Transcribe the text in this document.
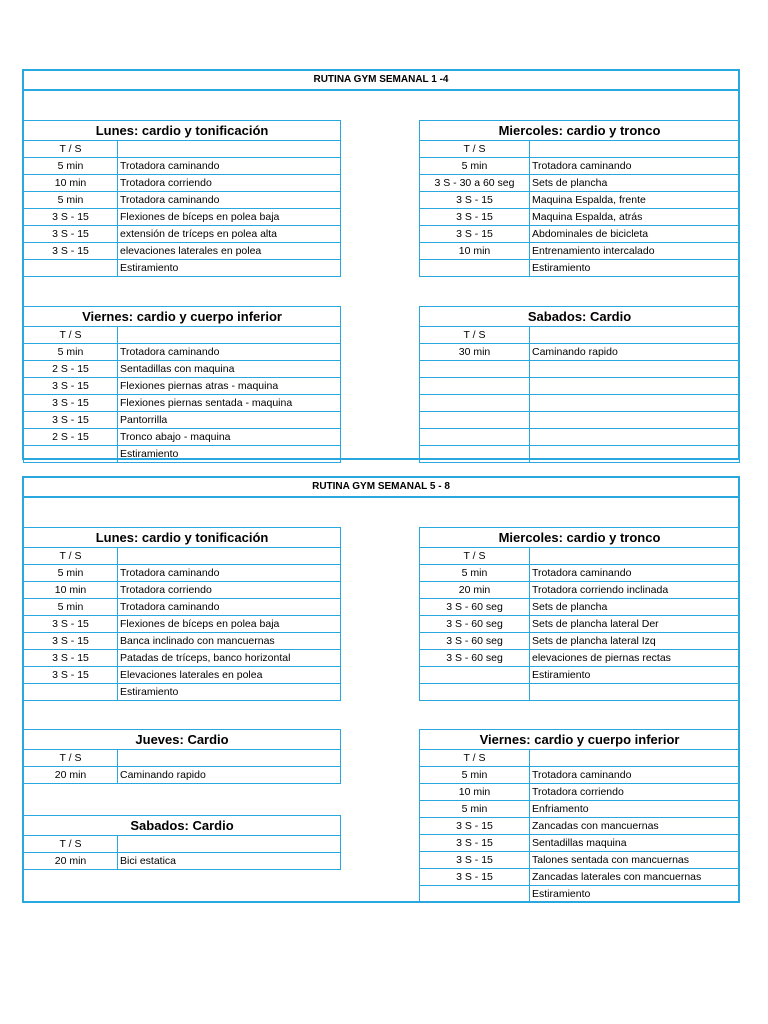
RUTINA GYM SEMANAL 1 -4
Lunes: cardio y tonificación	
T / S	
5 min	Trotadora caminando
10 min	Trotadora corriendo
5 min	Trotadora caminando
3 S - 15	Flexiones de bíceps en polea baja
3 S - 15	extensión de tríceps en polea alta
3 S - 15	elevaciones laterales en polea
	Estiramiento
Miercoles: cardio y tronco	
T / S	
5 min	Trotadora caminando
3 S - 30 a 60 seg	Sets de plancha
3 S - 15	Maquina Espalda, frente
3 S - 15	Maquina Espalda, atrás
3 S - 15	Abdominales de bicicleta
10 min	Entrenamiento intercalado
	Estiramiento
Viernes: cardio y cuerpo inferior	
T / S	
5 min	Trotadora caminando
2 S - 15	Sentadillas con maquina
3 S - 15	Flexiones piernas atras - maquina
3 S - 15	Flexiones piernas sentada - maquina
3 S - 15	Pantorrilla
2 S - 15	Tronco abajo - maquina
	Estiramiento
Sabados: Cardio	
T / S	
30 min	Caminando rapido

RUTINA GYM SEMANAL 5 - 8
Lunes: cardio y tonificación	
T / S	
5 min	Trotadora caminando
10 min	Trotadora corriendo
5 min	Trotadora caminando
3 S - 15	Flexiones de bíceps en polea baja
3 S - 15	Banca inclinado con mancuernas
3 S - 15	Patadas de tríceps, banco horizontal
3 S - 15	Elevaciones laterales en polea
	Estiramiento
Miercoles: cardio y tronco	
T / S	
5 min	Trotadora caminando
20 min	Trotadora corriendo inclinada
3 S - 60 seg	Sets de plancha
3 S - 60 seg	Sets de plancha lateral Der
3 S - 60 seg	Sets de plancha lateral Izq
3 S - 60 seg	elevaciones de piernas rectas
	Estiramiento

Jueves: Cardio	
T / S	
20 min	Caminando rapido
Sabados: Cardio	
T / S	
20 min	Bici estatica
Viernes: cardio y cuerpo inferior	
T / S	
5 min	Trotadora caminando
10 min	Trotadora corriendo
5 min	Enfriamento
3 S - 15	Zancadas con mancuernas
3 S - 15	Sentadillas maquina
3 S - 15	Talones sentada con mancuernas
3 S - 15	Zancadas laterales con mancuernas
	Estiramiento
